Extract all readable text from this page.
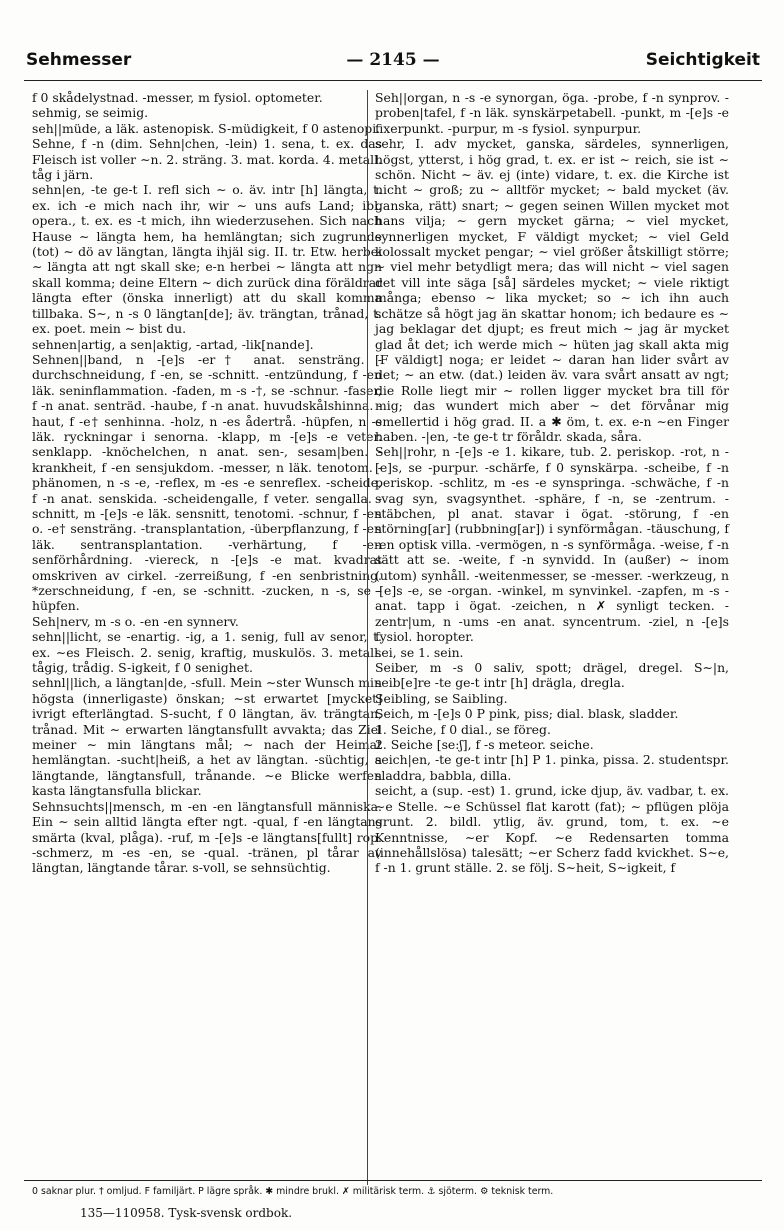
Sehmesser	— 2145 —	Seichtigkeit

f 0 skådelystnad. -messer, m fysiol. optometer.

sehmig, se seimig.

seh||müde, a läk. astenopisk. S-müdigkeit, f 0 astenopi.

Sehne, f -n (dim. Sehn|chen, -lein) 1. sena, t. ex. das Fleisch ist voller ∼n. 2. sträng. 3. mat. korda. 4. metall. tåg i järn.

sehn|en, -te ge-t I. refl sich ∼ o. äv. intr [h] längta, t. ex. ich -e mich nach ihr, wir ∼ uns aufs Land; ibl. opera., t. ex. es -t mich, ihn wiederzusehen. Sich nach Hause ∼ längta hem, ha hemlängtan; sich zugrunde (tot) ∼ dö av längtan, längta ihjäl sig. II. tr. Etw. herbei ∼ längta att ngt skall ske; e-n herbei ∼ längta att ngn skall komma; deine Eltern ∼ dich zurück dina föräldrar längta efter (önska innerligt) att du skall komma tillbaka. S∼, n -s 0 längtan[de]; äv. trängtan, trånad, t. ex. poet. mein ∼ bist du.

sehnen|artig, a sen|aktig, -artad, -lik[nande].

Sehnen||band, n -[e]s -er† anat. sensträng. -durchschneidung, f -en, se -schnitt. -entzündung, f -en läk. seninflammation. -faden, m -s -†, se -schnur. -faser, f -n anat. senträd. -haube, f -n anat. huvudskålshinna. -haut, f -e† senhinna. -holz, n -es ådertrå. -hüpfen, n -s läk. ryckningar i senorna. -klapp, m -[e]s -e veter. senklapp. -knöchelchen, n anat. sen-, sesam|ben. -krankheit, f -en sensjukdom. -messer, n läk. tenotom. -phänomen, n -s -e, -reflex, m -es -e senreflex. -scheide, f -n anat. senskida. -scheidengalle, f veter. sengalla. -schnitt, m -[e]s -e läk. sensnitt, tenotomi. -schnur, f -en o. -e† sensträng. -transplantation, -überpflanzung, f -en läk. sentransplantation. -verhärtung, f -en senförhårdning. -viereck, n -[e]s -e mat. kvadrat omskriven av cirkel. -zerreißung, f -en senbristning. *zerschneidung, f -en, se -schnitt. -zucken, n -s, se -hüpfen.

Seh|nerv, m -s o. -en -en synnerv.

sehn||licht, se -enartig. -ig, a 1. senig, full av senor, t. ex. ∼es Fleisch. 2. senig, kraftig, muskulös. 3. metall. tågig, trådig. S-igkeit, f 0 senighet.

sehnl||lich, a längtan|de, -sfull. Mein ∼ster Wunsch min högsta (innerligaste) önskan; ∼st erwartet [mycket] ivrigt efterlängtad. S-sucht, f 0 längtan, äv. trängtan, trånad. Mit ∼ erwarten längtansfullt avvakta; das Ziel meiner ∼ min längtans mål; ∼ nach der Heimat hemlängtan. -sucht|heiß, a het av längtan. -süchtig, a längtande, längtansfull, trånande. ∼e Blicke werfen kasta längtansfulla blickar.

Sehnsuchts||mensch, m -en -en längtansfull människa. Ein ∼ sein alltid längta efter ngt. -qual, f -en längtans smärta (kval, plåga). -ruf, m -[e]s -e längtans[fullt] rop. -schmerz, m -es -en, se -qual. -tränen, pl tårar av längtan, längtande tårar. s-voll, se sehnsüchtig.

Seh||organ, n -s -e synorgan, öga. -probe, f -n synprov. -proben|tafel, f -n läk. synskärpetabell. -punkt, m -[e]s -e fixerpunkt. -purpur, m -s fysiol. synpurpur.

sehr, I. adv mycket, ganska, särdeles, synnerligen, högst, ytterst, i hög grad, t. ex. er ist ∼ reich, sie ist ∼ schön. Nicht ∼ äv. ej (inte) vidare, t. ex. die Kirche ist nicht ∼ groß; zu ∼ alltför mycket; ∼ bald mycket (äv. ganska, rätt) snart; ∼ gegen seinen Willen mycket mot hans vilja; ∼ gern mycket gärna; ∼ viel mycket, synnerligen mycket, F väldigt mycket; ∼ viel Geld kolossalt mycket pengar; ∼ viel größer åtskilligt större; ∼ viel mehr betydligt mera; das will nicht ∼ viel sagen det vill inte säga [så] särdeles mycket; ∼ viele riktigt många; ebenso ∼ lika mycket; so ∼ ich ihn auch schätze så högt jag än skattar honom; ich bedaure es ∼ jag beklagar det djupt; es freut mich ∼ jag är mycket glad åt det; ich werde mich ∼ hüten jag skall akta mig [F väldigt] noga; er leidet ∼ daran han lider svårt av det; ∼ an etw. (dat.) leiden äv. vara svårt ansatt av ngt; die Rolle liegt mir ∼ rollen ligger mycket bra till för mig; das wundert mich aber ∼ det förvånar mig emellertid i hög grad. II. a ✱ öm, t. ex. e-n ∼en Finger haben. -|en, -te ge-t tr föråldr. skada, såra.

Seh||rohr, n -[e]s -e 1. kikare, tub. 2. periskop. -rot, n -[e]s, se -purpur. -schärfe, f 0 synskärpa. -scheibe, f -n periskop. -schlitz, m -es -e synspringa. -schwäche, f -n svag syn, svagsynthet. -sphäre, f -n, se -zentrum. -stäbchen, pl anat. stavar i ögat. -störung, f -en störning[ar] (rubbning[ar]) i synförmågan. -täuschung, f -en optisk villa. -vermögen, n -s synförmåga. -weise, f -n sätt att se. -weite, f -n synvidd. In (außer) ∼ inom (utom) synhåll. -weitenmesser, se -messer. -werkzeug, n -[e]s -e, se -organ. -winkel, m synvinkel. -zapfen, m -s - anat. tapp i ögat. -zeichen, n ✗ synligt tecken. -zentr|um, n -ums -en anat. syncentrum. -ziel, n -[e]s fysiol. horopter.

sei, se 1. sein.

Seiber, m -s 0 saliv, spott; drägel, dregel. S∼|n, seib[e]re -te ge-t intr [h] drägla, dregla.

Seibling, se Saibling.

Seich, m -[e]s 0 P pink, piss; dial. blask, sladder.

1. Seiche, f 0 dial., se föreg.

2. Seiche [se:ʃ], f -s meteor. seiche.

seich|en, -te ge-t intr [h] P 1. pinka, pissa. 2. studentspr. sladdra, babbla, dilla.

seicht, a (sup. -est) 1. grund, icke djup, äv. vadbar, t. ex. ∼e Stelle. ∼e Schüssel flat karott (fat); ∼ pflügen plöja grunt. 2. bildl. ytlig, äv. grund, tom, t. ex. ∼e Kenntnisse, ∼er Kopf. ∼e Redensarten tomma (innehållslösa) talesätt; ∼er Scherz fadd kvickhet. S∼e, f -n 1. grunt ställe. 2. se följ. S∼heit, S∼igkeit, f

0 saknar plur. † omljud. F familjärt. P lägre språk. ✱ mindre brukl. ✗ militärisk term. ⚓ sjöterm. ⚙ teknisk term.
135—110958. Tysk-svensk ordbok.
